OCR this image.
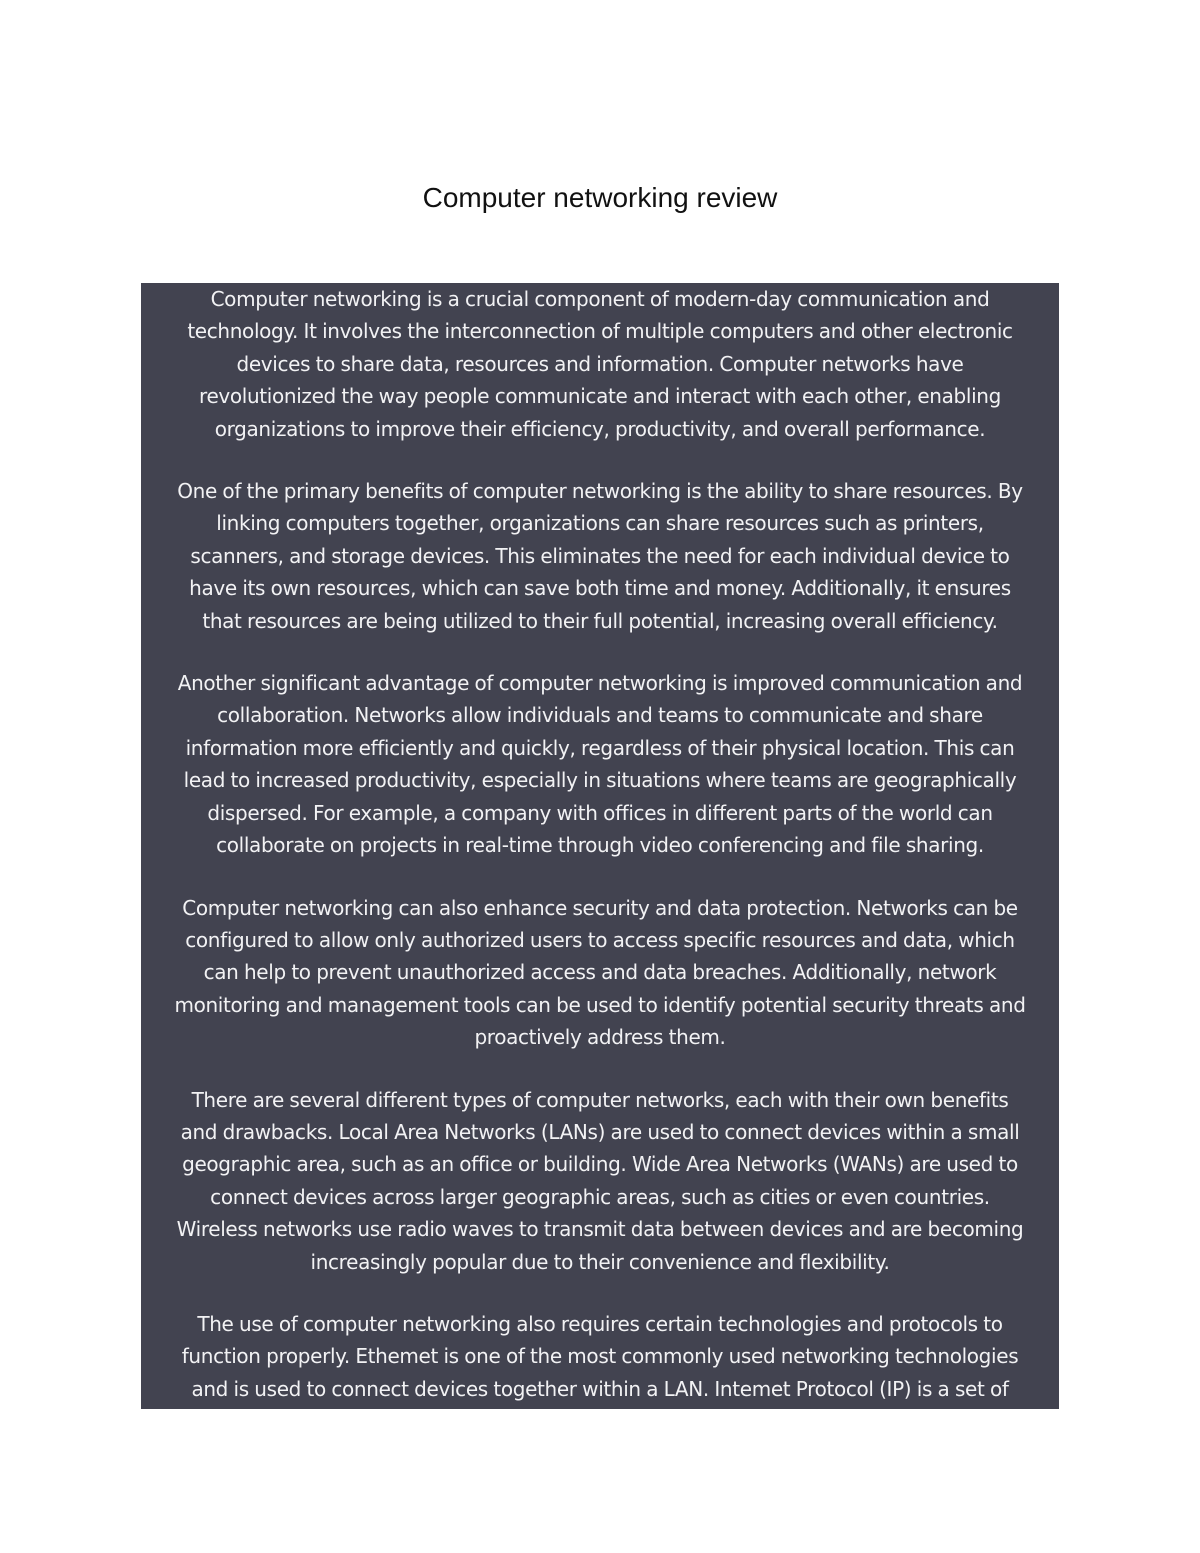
Computer networking review

Computer networking is a crucial component of modern-day communication and
technology. It involves the interconnection of multiple computers and other electronic
devices to share data, resources and information. Computer networks have
revolutionized the way people communicate and interact with each other, enabling
organizations to improve their efficiency, productivity, and overall performance.

One of the primary benefits of computer networking is the ability to share resources. By
linking computers together, organizations can share resources such as printers,
scanners, and storage devices. This eliminates the need for each individual device to
have its own resources, which can save both time and money. Additionally, it ensures
that resources are being utilized to their full potential, increasing overall efficiency.

Another significant advantage of computer networking is improved communication and
collaboration. Networks allow individuals and teams to communicate and share
information more efficiently and quickly, regardless of their physical location. This can
lead to increased productivity, especially in situations where teams are geographically
dispersed. For example, a company with offices in different parts of the world can
collaborate on projects in real-time through video conferencing and file sharing.

Computer networking can also enhance security and data protection. Networks can be
configured to allow only authorized users to access specific resources and data, which
can help to prevent unauthorized access and data breaches. Additionally, network
monitoring and management tools can be used to identify potential security threats and
proactively address them.

There are several different types of computer networks, each with their own benefits
and drawbacks. Local Area Networks (LANs) are used to connect devices within a small
geographic area, such as an office or building. Wide Area Networks (WANs) are used to
connect devices across larger geographic areas, such as cities or even countries.
Wireless networks use radio waves to transmit data between devices and are becoming
increasingly popular due to their convenience and flexibility.

The use of computer networking also requires certain technologies and protocols to
function properly. Ethemet is one of the most commonly used networking technologies
and is used to connect devices together within a LAN. Intemet Protocol (IP) is a set of
